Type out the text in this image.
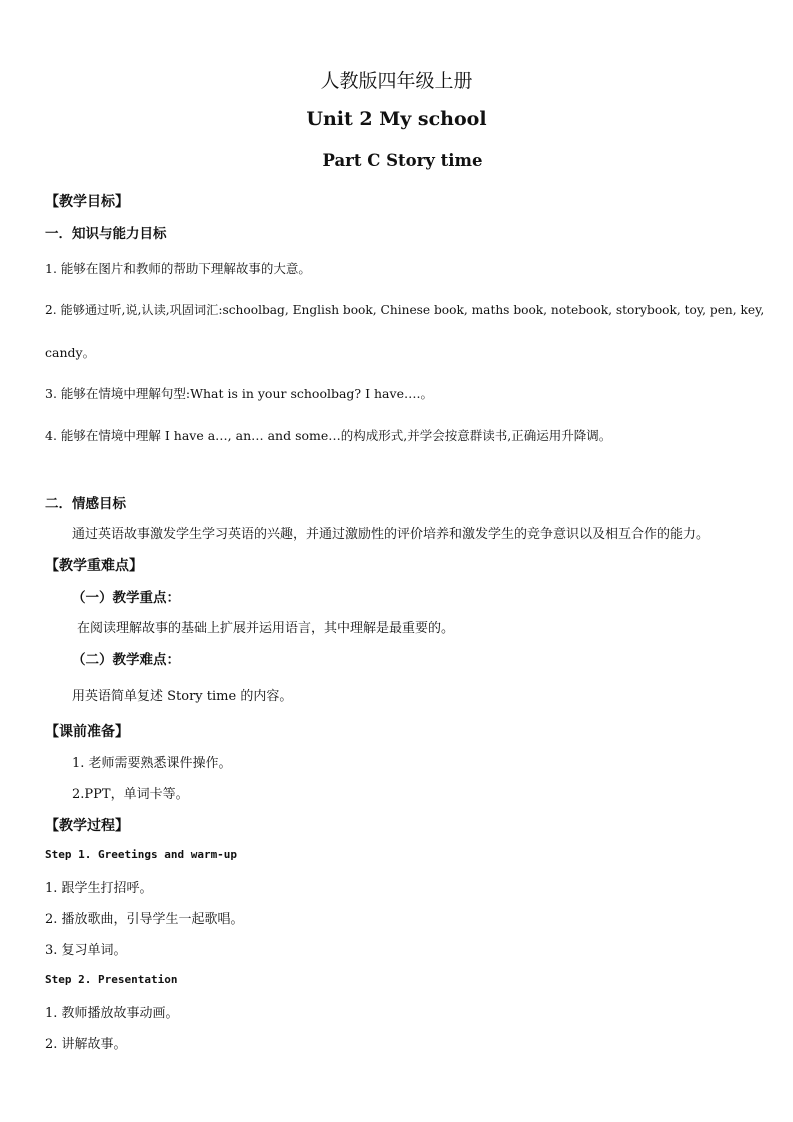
人教版四年级上册
Unit 2 My school
Part C Story time
【教学目标】
一．知识与能力目标
1. 能够在图片和教师的帮助下理解故事的大意。
2. 能够通过听,说,认读,巩固词汇:schoolbag, English book, Chinese book, maths book, notebook, storybook, toy, pen, key,
candy。
3. 能够在情境中理解句型:What is in your schoolbag? I have….。
4. 能够在情境中理解 I have a…, an… and some…的构成形式,并学会按意群读书,正确运用升降调。
二．情感目标
通过英语故事激发学生学习英语的兴趣，并通过激励性的评价培养和激发学生的竞争意识以及相互合作的能力。
【教学重难点】
（一）教学重点：
在阅读理解故事的基础上扩展并运用语言，其中理解是最重要的。
（二）教学难点：
用英语简单复述 Story time 的内容。
【课前准备】
1. 老师需要熟悉课件操作。
2.PPT，单词卡等。
【教学过程】
Step 1. Greetings and warm-up
1. 跟学生打招呼。
2. 播放歌曲，引导学生一起歌唱。
3. 复习单词。
Step 2. Presentation
1. 教师播放故事动画。
2. 讲解故事。
